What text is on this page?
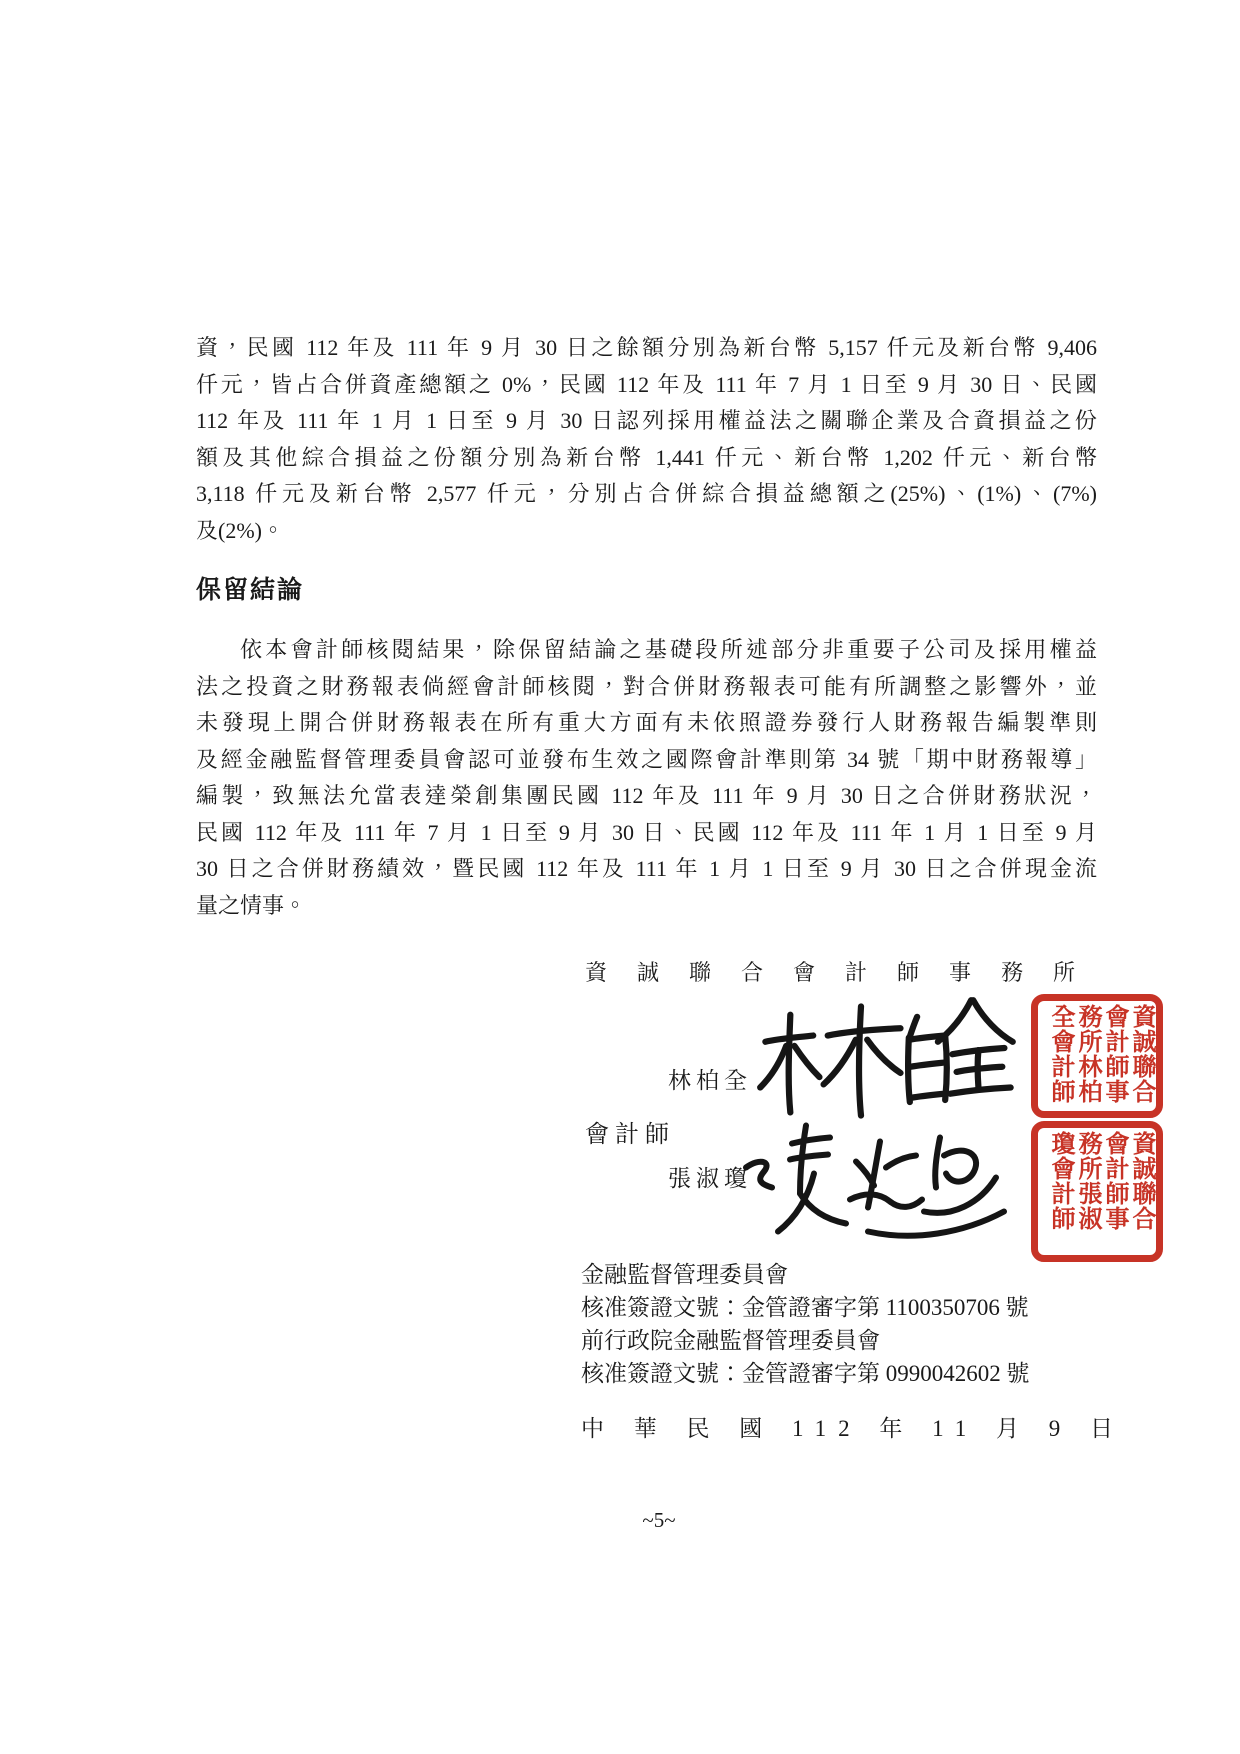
資，民國 112 年及 111 年 9 月 30 日之餘額分別為新台幣 5,157 仟元及新台幣 9,406
仟元，皆占合併資產總額之 0%，民國 112 年及 111 年 7 月 1 日至 9 月 30 日、民國
112 年及 111 年 1 月 1 日至 9 月 30 日認列採用權益法之關聯企業及合資損益之份
額及其他綜合損益之份額分別為新台幣 1,441 仟元、新台幣 1,202 仟元、新台幣
3,118 仟元及新台幣 2,577 仟元，分別占合併綜合損益總額之(25%)、(1%)、(7%)
及(2%)。
保留結論
依本會計師核閱結果，除保留結論之基礎段所述部分非重要子公司及採用權益
法之投資之財務報表倘經會計師核閱，對合併財務報表可能有所調整之影響外，並
未發現上開合併財務報表在所有重大方面有未依照證券發行人財務報告編製準則
及經金融監督管理委員會認可並發布生效之國際會計準則第 34 號「期中財務報導」
編製，致無法允當表達榮創集團民國 112 年及 111 年 9 月 30 日之合併財務狀況，
民國 112 年及 111 年 7 月 1 日至 9 月 30 日、民國 112 年及 111 年 1 月 1 日至 9 月
30 日之合併財務績效，暨民國 112 年及 111 年 1 月 1 日至 9 月 30 日之合併現金流
量之情事。
資誠聯合會計師事務所
會計師
林柏全
張淑瓊
資誠聯合會計師事務所林柏全會計師
資誠聯合會計師事務所張淑瓊會計師
金融監督管理委員會
核准簽證文號：金管證審字第 1100350706 號
前行政院金融監督管理委員會
核准簽證文號：金管證審字第 0990042602 號
中 華 民 國 112 年 11 月 9 日
~5~
